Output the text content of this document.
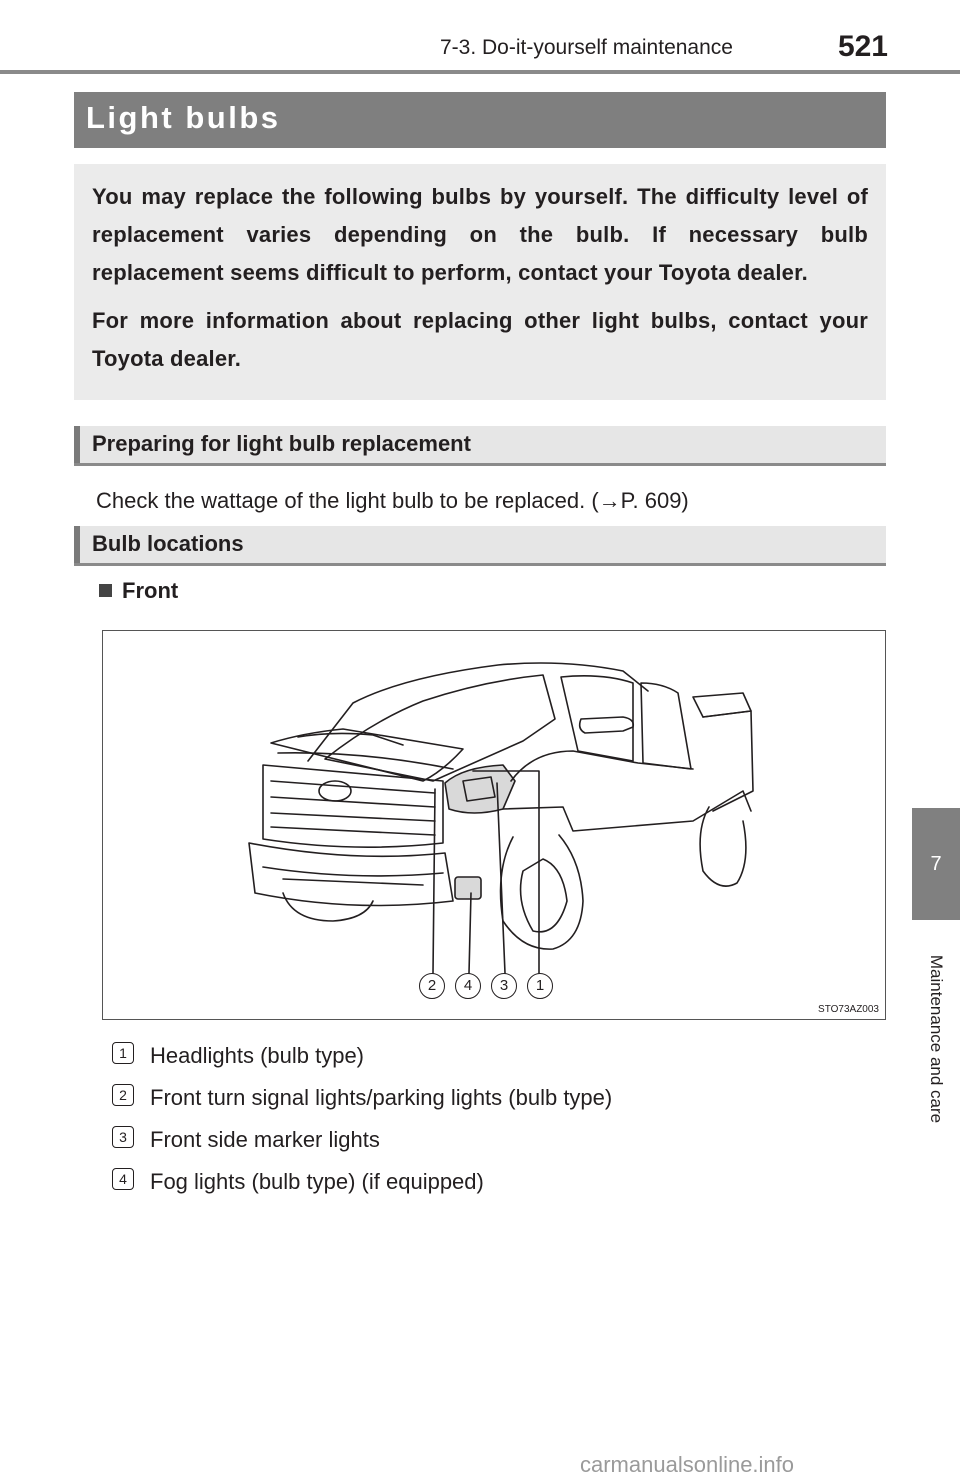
7-3. Do-it-yourself maintenance	521
7
Maintenance and care
Light bulbs

You may replace the following bulbs by yourself. The difficulty level of replacement varies depending on the bulb. If necessary bulb replacement seems difficult to perform, contact your Toyota dealer.

For more information about replacing other light bulbs, contact your Toyota dealer.

Preparing for light bulb replacement
Check the wattage of the light bulb to be replaced. (→P. 609)
Bulb locations
Front
2	4	3	1
STO73AZ003
1	Headlights (bulb type)
2	Front turn signal lights/parking lights (bulb type)
3	Front side marker lights
4	Fog lights (bulb type) (if equipped)
carmanualsonline.info
